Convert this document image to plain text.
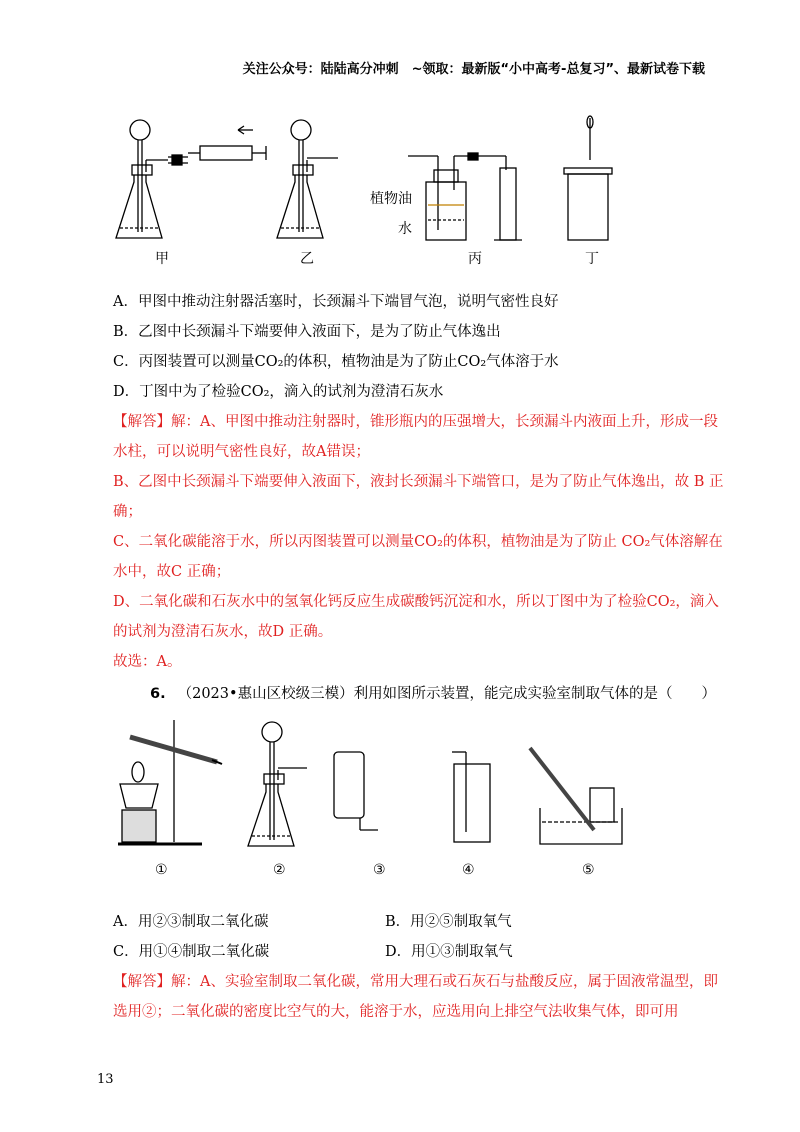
关注公众号：陆陆高分冲刺　~领取：最新版“小中高考-总复习”、最新试卷下载
甲	乙	丙	丁
植物油
水
A．甲图中推动注射器活塞时，长颈漏斗下端冒气泡，说明气密性良好
B．乙图中长颈漏斗下端要伸入液面下，是为了防止气体逸出
C．丙图装置可以测量CO₂的体积，植物油是为了防止CO₂气体溶于水
D．丁图中为了检验CO₂，滴入的试剂为澄清石灰水
【解答】解：A、甲图中推动注射器时，锥形瓶内的压强增大，长颈漏斗内液面上升，形成一段
水柱，可以说明气密性良好，故A错误；
B、乙图中长颈漏斗下端要伸入液面下，液封长颈漏斗下端管口，是为了防止气体逸出，故 B 正
确；
C、二氧化碳能溶于水，所以丙图装置可以测量CO₂的体积，植物油是为了防止 CO₂气体溶解在
水中，故C 正确；
D、二氧化碳和石灰水中的氢氧化钙反应生成碳酸钙沉淀和水，所以丁图中为了检验CO₂，滴入
的试剂为澄清石灰水，故D 正确。
故选：A。
6. （2023•惠山区校级三模）利用如图所示装置，能完成实验室制取气体的是（　　）
①	②	③	④	⑤
A．用②③制取二氧化碳	B．用②⑤制取氧气
C．用①④制取二氧化碳	D．用①③制取氧气
【解答】解：A、实验室制取二氧化碳，常用大理石或石灰石与盐酸反应，属于固液常温型，即
选用②；二氧化碳的密度比空气的大，能溶于水，应选用向上排空气法收集气体，即可用
13
